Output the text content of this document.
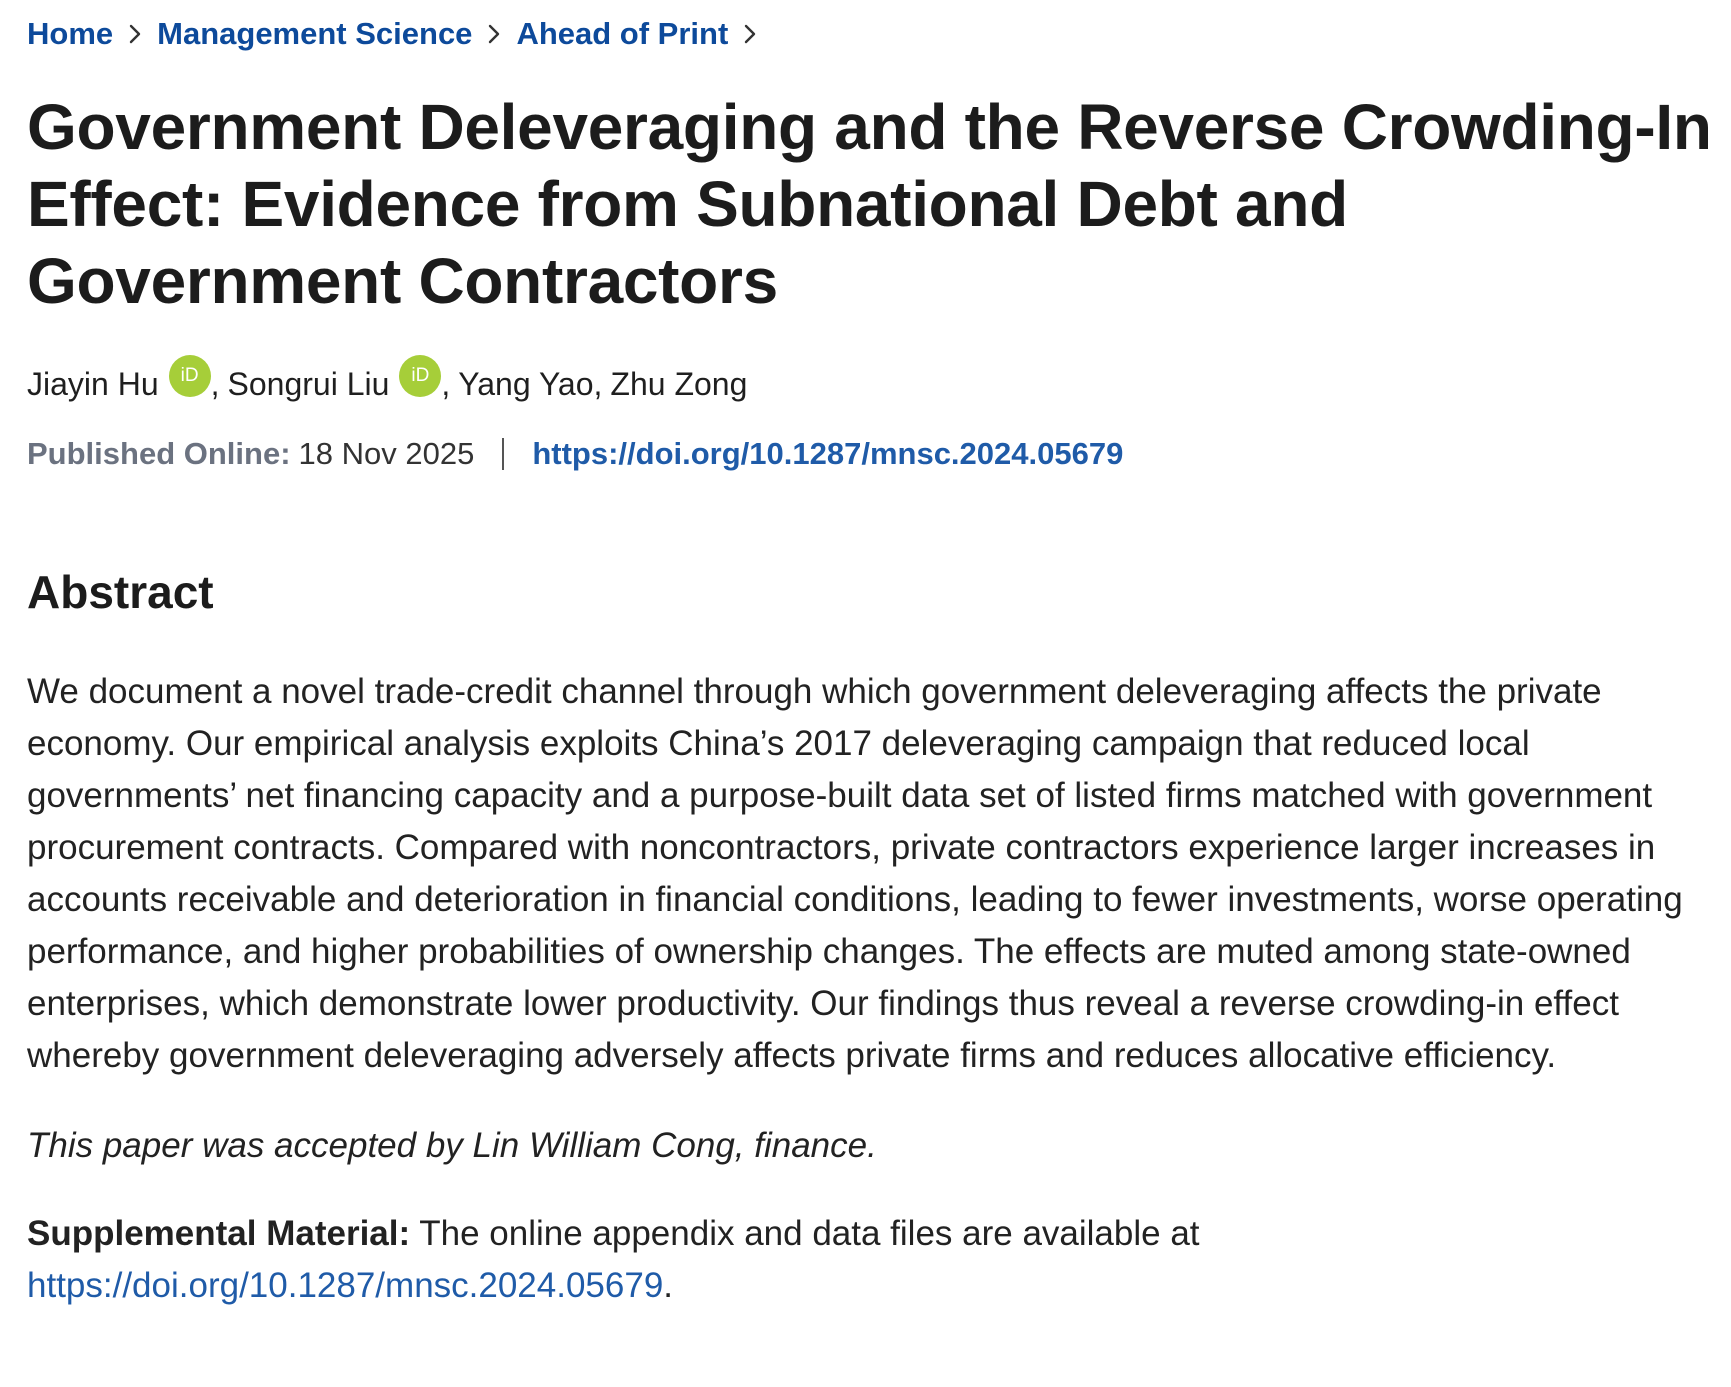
Home Management Science Ahead of Print
Government Deleveraging and the Reverse Crowding-In Effect: Evidence from Subnational Debt and Government Contractors
Jiayin Hu	iD , Songrui Liu	iD , Yang Yao , Zhu Zong
Published Online: 18 Nov 2025 https://doi.org/10.1287/mnsc.2024.05679
Abstract

We document a novel trade-credit channel through which government deleveraging affects the private economy. Our empirical analysis exploits China’s 2017 deleveraging campaign that reduced local governments’ net financing capacity and a purpose-built data set of listed firms matched with government procurement contracts. Compared with noncontractors, private contractors experience larger increases in accounts receivable and deterioration in financial conditions, leading to fewer investments, worse operating performance, and higher probabilities of ownership changes. The effects are muted among state-owned enterprises, which demonstrate lower productivity. Our findings thus reveal a reverse crowding-in effect whereby government deleveraging adversely affects private firms and reduces allocative efficiency.

This paper was accepted by Lin William Cong, finance.

Supplemental Material: The online appendix and data files are available at
https://doi.org/10.1287/mnsc.2024.05679.
